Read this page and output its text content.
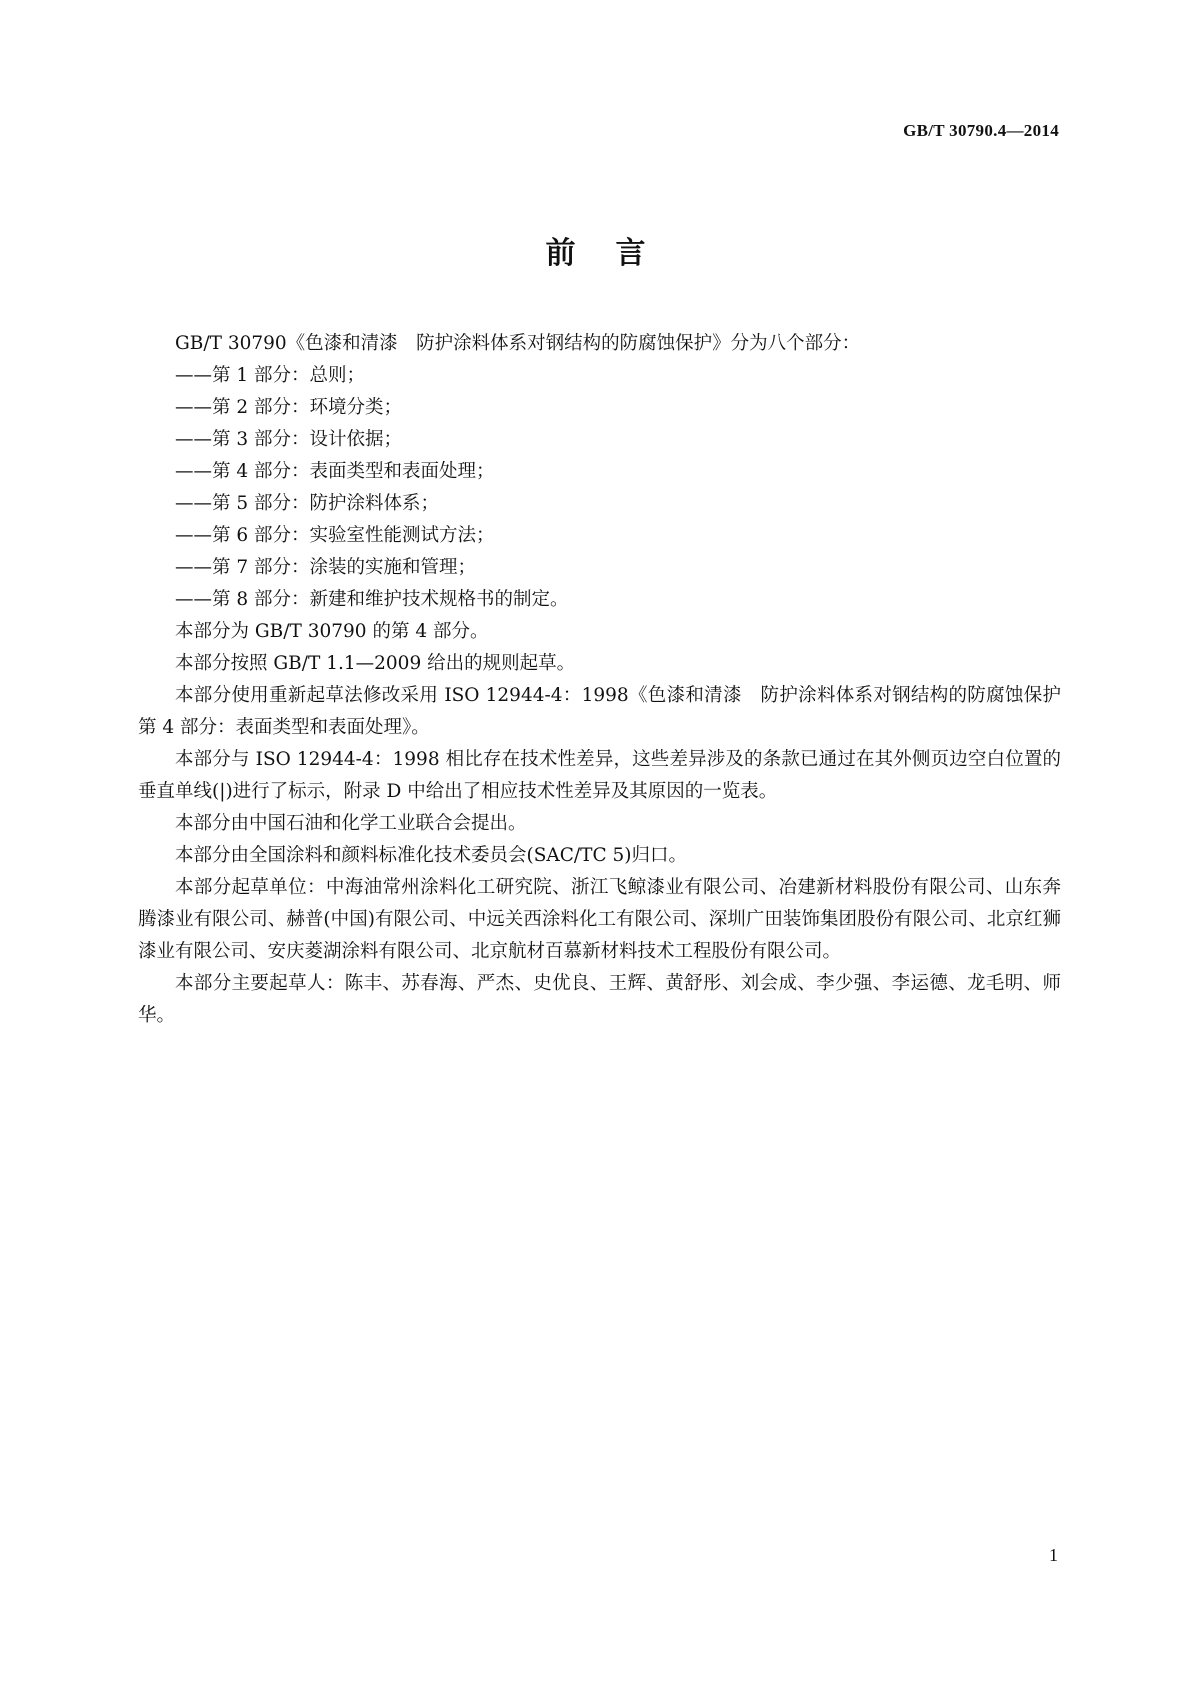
GB/T 30790.4—2014
前言

GB/T 30790《色漆和清漆　防护涂料体系对钢结构的防腐蚀保护》分为八个部分：

——第 1 部分：总则；

——第 2 部分：环境分类；

——第 3 部分：设计依据；

——第 4 部分：表面类型和表面处理；

——第 5 部分：防护涂料体系；

——第 6 部分：实验室性能测试方法；

——第 7 部分：涂装的实施和管理；

——第 8 部分：新建和维护技术规格书的制定。

本部分为 GB/T 30790 的第 4 部分。

本部分按照 GB/T 1.1—2009 给出的规则起草。

本部分使用重新起草法修改采用 ISO 12944-4：1998《色漆和清漆　防护涂料体系对钢结构的防腐蚀保护　第 4 部分：表面类型和表面处理》。

本部分与 ISO 12944-4：1998 相比存在技术性差异，这些差异涉及的条款已通过在其外侧页边空白位置的垂直单线(|)进行了标示，附录 D 中给出了相应技术性差异及其原因的一览表。

本部分由中国石油和化学工业联合会提出。

本部分由全国涂料和颜料标准化技术委员会(SAC/TC 5)归口。

本部分起草单位：中海油常州涂料化工研究院、浙江飞鲸漆业有限公司、冶建新材料股份有限公司、山东奔腾漆业有限公司、赫普(中国)有限公司、中远关西涂料化工有限公司、深圳广田装饰集团股份有限公司、北京红狮漆业有限公司、安庆菱湖涂料有限公司、北京航材百慕新材料技术工程股份有限公司。

本部分主要起草人：陈丰、苏春海、严杰、史优良、王辉、黄舒彤、刘会成、李少强、李运德、龙毛明、师华。

1
